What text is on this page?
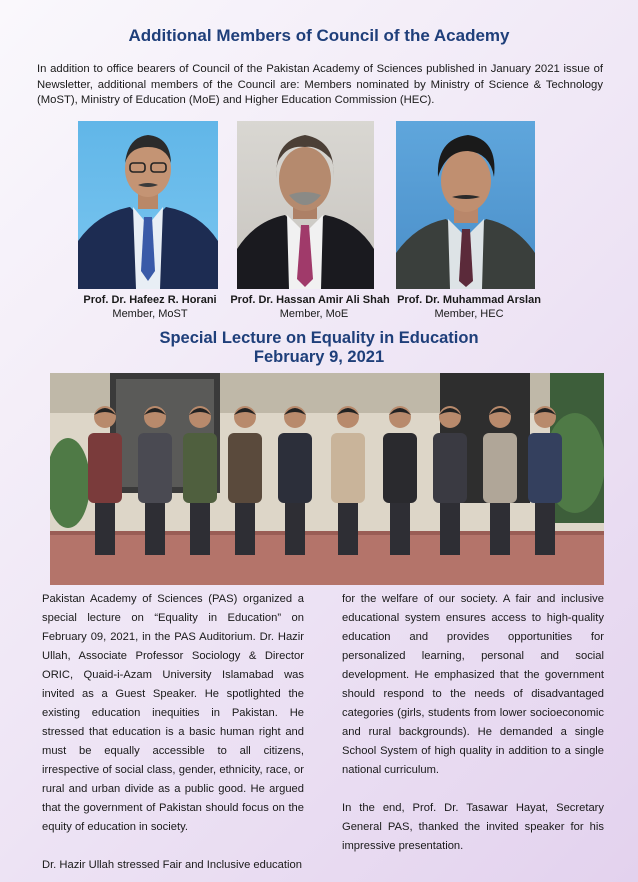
Additional Members of Council of the Academy

In addition to office bearers of Council of the Pakistan Academy of Sciences published in January 2021 issue of Newsletter, additional members of the Council are: Members nominated by Ministry of Science & Technology (MoST), Ministry of Education (MoE) and Higher Education Commission (HEC).

Prof. Dr. Hafeez R. Horani
Member, MoST
Prof. Dr. Hassan Amir Ali Shah
Member, MoE
Prof. Dr. Muhammad Arslan
Member, HEC
Special Lecture on Equality in Education
February 9, 2021

Pakistan Academy of Sciences (PAS) organized a special lecture on “Equality in Education” on February 09, 2021, in the PAS Auditorium. Dr. Hazir Ullah, Associate Professor Sociology & Director ORIC, Quaid-i-Azam University Islamabad was invited as a Guest Speaker. He spotlighted the existing education inequities in Pakistan. He stressed that education is a basic human right and must be equally accessible to all citizens, irrespective of social class, gender, ethnicity, race, or rural and urban divide as a public good. He argued that the government of Pakistan should focus on the equity of education in society.

Dr. Hazir Ullah stressed Fair and Inclusive education

for the welfare of our society. A fair and inclusive educational system ensures access to high-quality education and provides opportunities for personalized learning, personal and social development. He emphasized that the government should respond to the needs of disadvantaged categories (girls, students from lower socioeconomic and rural backgrounds). He demanded a single School System of high quality in addition to a single national curriculum.

In the end, Prof. Dr. Tasawar Hayat, Secretary General PAS, thanked the invited speaker for his impressive presentation.
